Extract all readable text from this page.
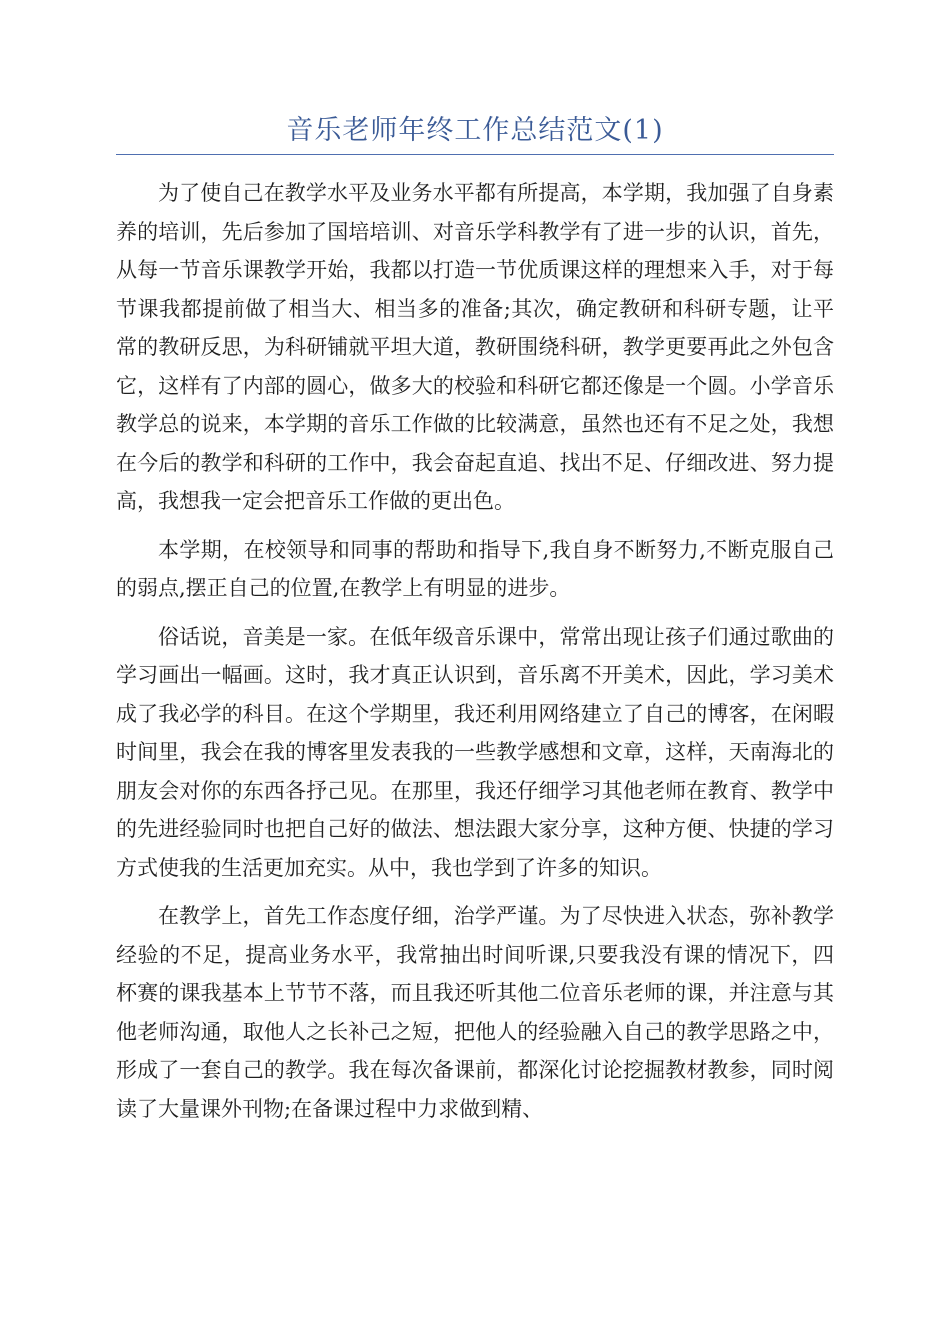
音乐老师年终工作总结范文(1)

为了使自己在教学水平及业务水平都有所提高，本学期，我加强了自身素养的培训，先后参加了国培培训、对音乐学科教学有了进一步的认识，首先，从每一节音乐课教学开始，我都以打造一节优质课这样的理想来入手，对于每节课我都提前做了相当大、相当多的准备;其次，确定教研和科研专题，让平常的教研反思，为科研铺就平坦大道，教研围绕科研，教学更要再此之外包含它，这样有了内部的圆心，做多大的校验和科研它都还像是一个圆。小学音乐教学总的说来，本学期的音乐工作做的比较满意，虽然也还有不足之处，我想在今后的教学和科研的工作中，我会奋起直追、找出不足、仔细改进、努力提高，我想我一定会把音乐工作做的更出色。

本学期，在校领导和同事的帮助和指导下,我自身不断努力,不断克服自己的弱点,摆正自己的位置,在教学上有明显的进步。

俗话说，音美是一家。在低年级音乐课中，常常出现让孩子们通过歌曲的学习画出一幅画。这时，我才真正认识到，音乐离不开美术，因此，学习美术成了我必学的科目。在这个学期里，我还利用网络建立了自己的博客，在闲暇时间里，我会在我的博客里发表我的一些教学感想和文章，这样，天南海北的朋友会对你的东西各抒己见。在那里，我还仔细学习其他老师在教育、教学中的先进经验同时也把自己好的做法、想法跟大家分享，这种方便、快捷的学习方式使我的生活更加充实。从中，我也学到了许多的知识。

在教学上，首先工作态度仔细，治学严谨。为了尽快进入状态，弥补教学经验的不足，提高业务水平，我常抽出时间听课,只要我没有课的情况下，四杯赛的课我基本上节节不落，而且我还听其他二位音乐老师的课，并注意与其他老师沟通，取他人之长补己之短，把他人的经验融入自己的教学思路之中，形成了一套自己的教学。我在每次备课前，都深化讨论挖掘教材教参，同时阅读了大量课外刊物;在备课过程中力求做到精、
